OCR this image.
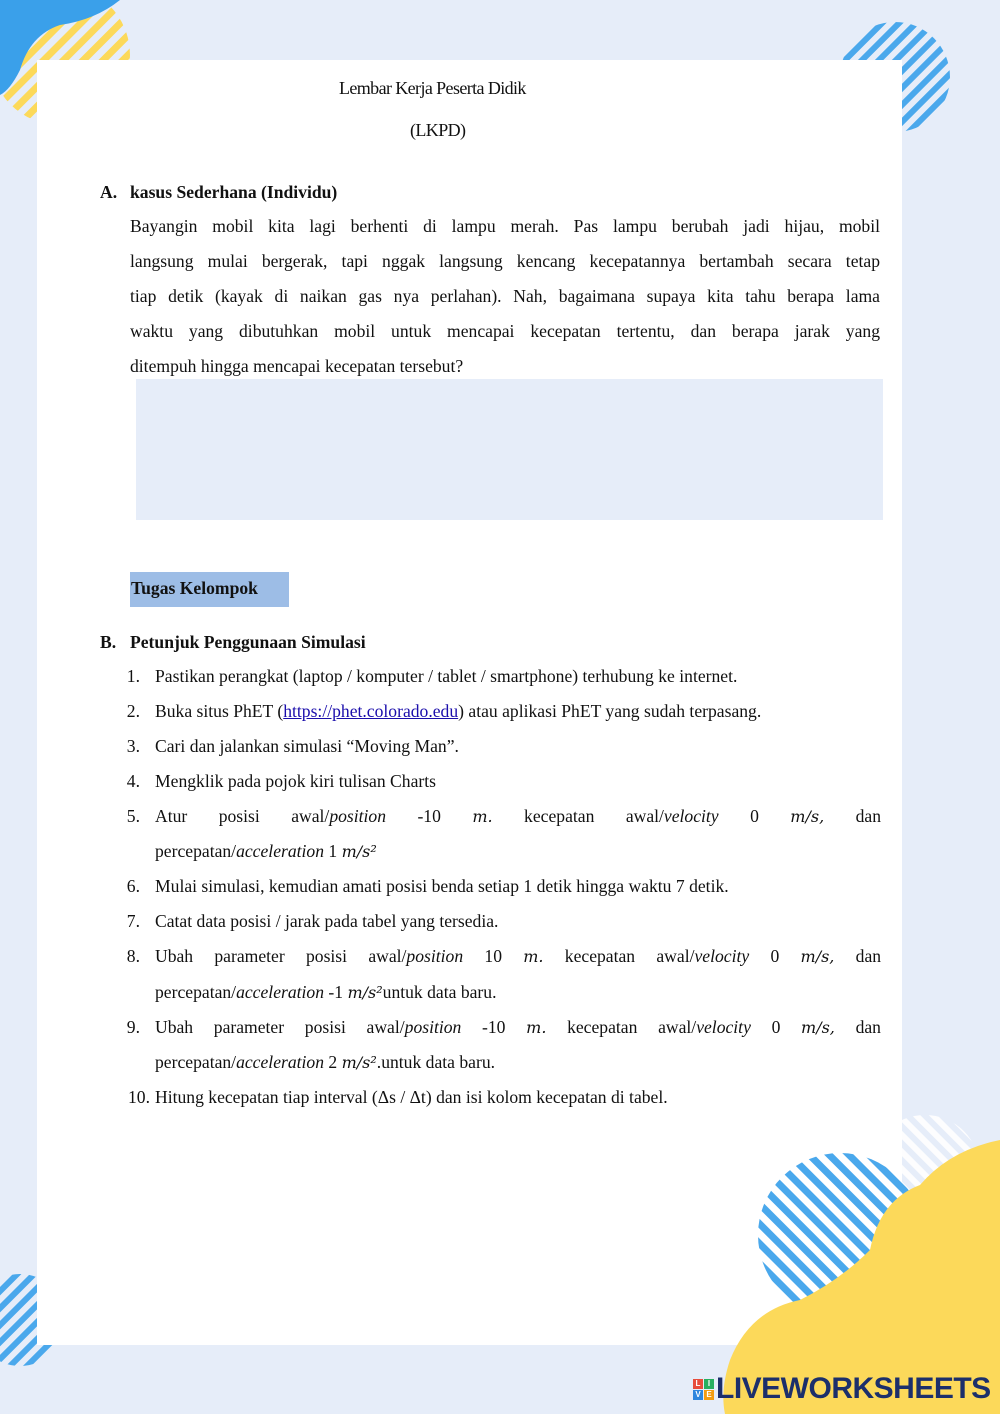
Lembar Kerja Peserta Didik
(LKPD)
A. kasus Sederhana (Individu)
Bayangin mobil kita lagi berhenti di lampu merah. Pas lampu berubah jadi hijau, mobil
langsung mulai bergerak, tapi nggak langsung kencang kecepatannya bertambah secara tetap
tiap detik (kayak di naikan gas nya perlahan). Nah, bagaimana supaya kita tahu berapa lama
waktu yang dibutuhkan mobil untuk mencapai kecepatan tertentu, dan berapa jarak yang
ditempuh hingga mencapai kecepatan tersebut?
Tugas Kelompok
B. Petunjuk Penggunaan Simulasi
1. Pastikan perangkat (laptop / komputer / tablet / smartphone) terhubung ke internet.
2. Buka situs PhET (https://phet.colorado.edu) atau aplikasi PhET yang sudah terpasang.
3. Cari dan jalankan simulasi “Moving Man”.
4. Mengklik pada pojok kiri tulisan Charts
5. Atur posisi awal/position -10 m. kecepatan awal/velocity 0 m/s, dan
percepatan/acceleration 1 m/s²
6. Mulai simulasi, kemudian amati posisi benda setiap 1 detik hingga waktu 7 detik.
7. Catat data posisi / jarak pada tabel yang tersedia.
8. Ubah parameter posisi awal/position 10 m. kecepatan awal/velocity 0 m/s, dan
percepatan/acceleration -1 m/s²untuk data baru.
9. Ubah parameter posisi awal/position -10 m. kecepatan awal/velocity 0 m/s, dan
percepatan/acceleration 2 m/s².untuk data baru.
10. Hitung kecepatan tiap interval (Δs / Δt) dan isi kolom kecepatan di tabel.
L I
V E LIVEWORKSHEETS
